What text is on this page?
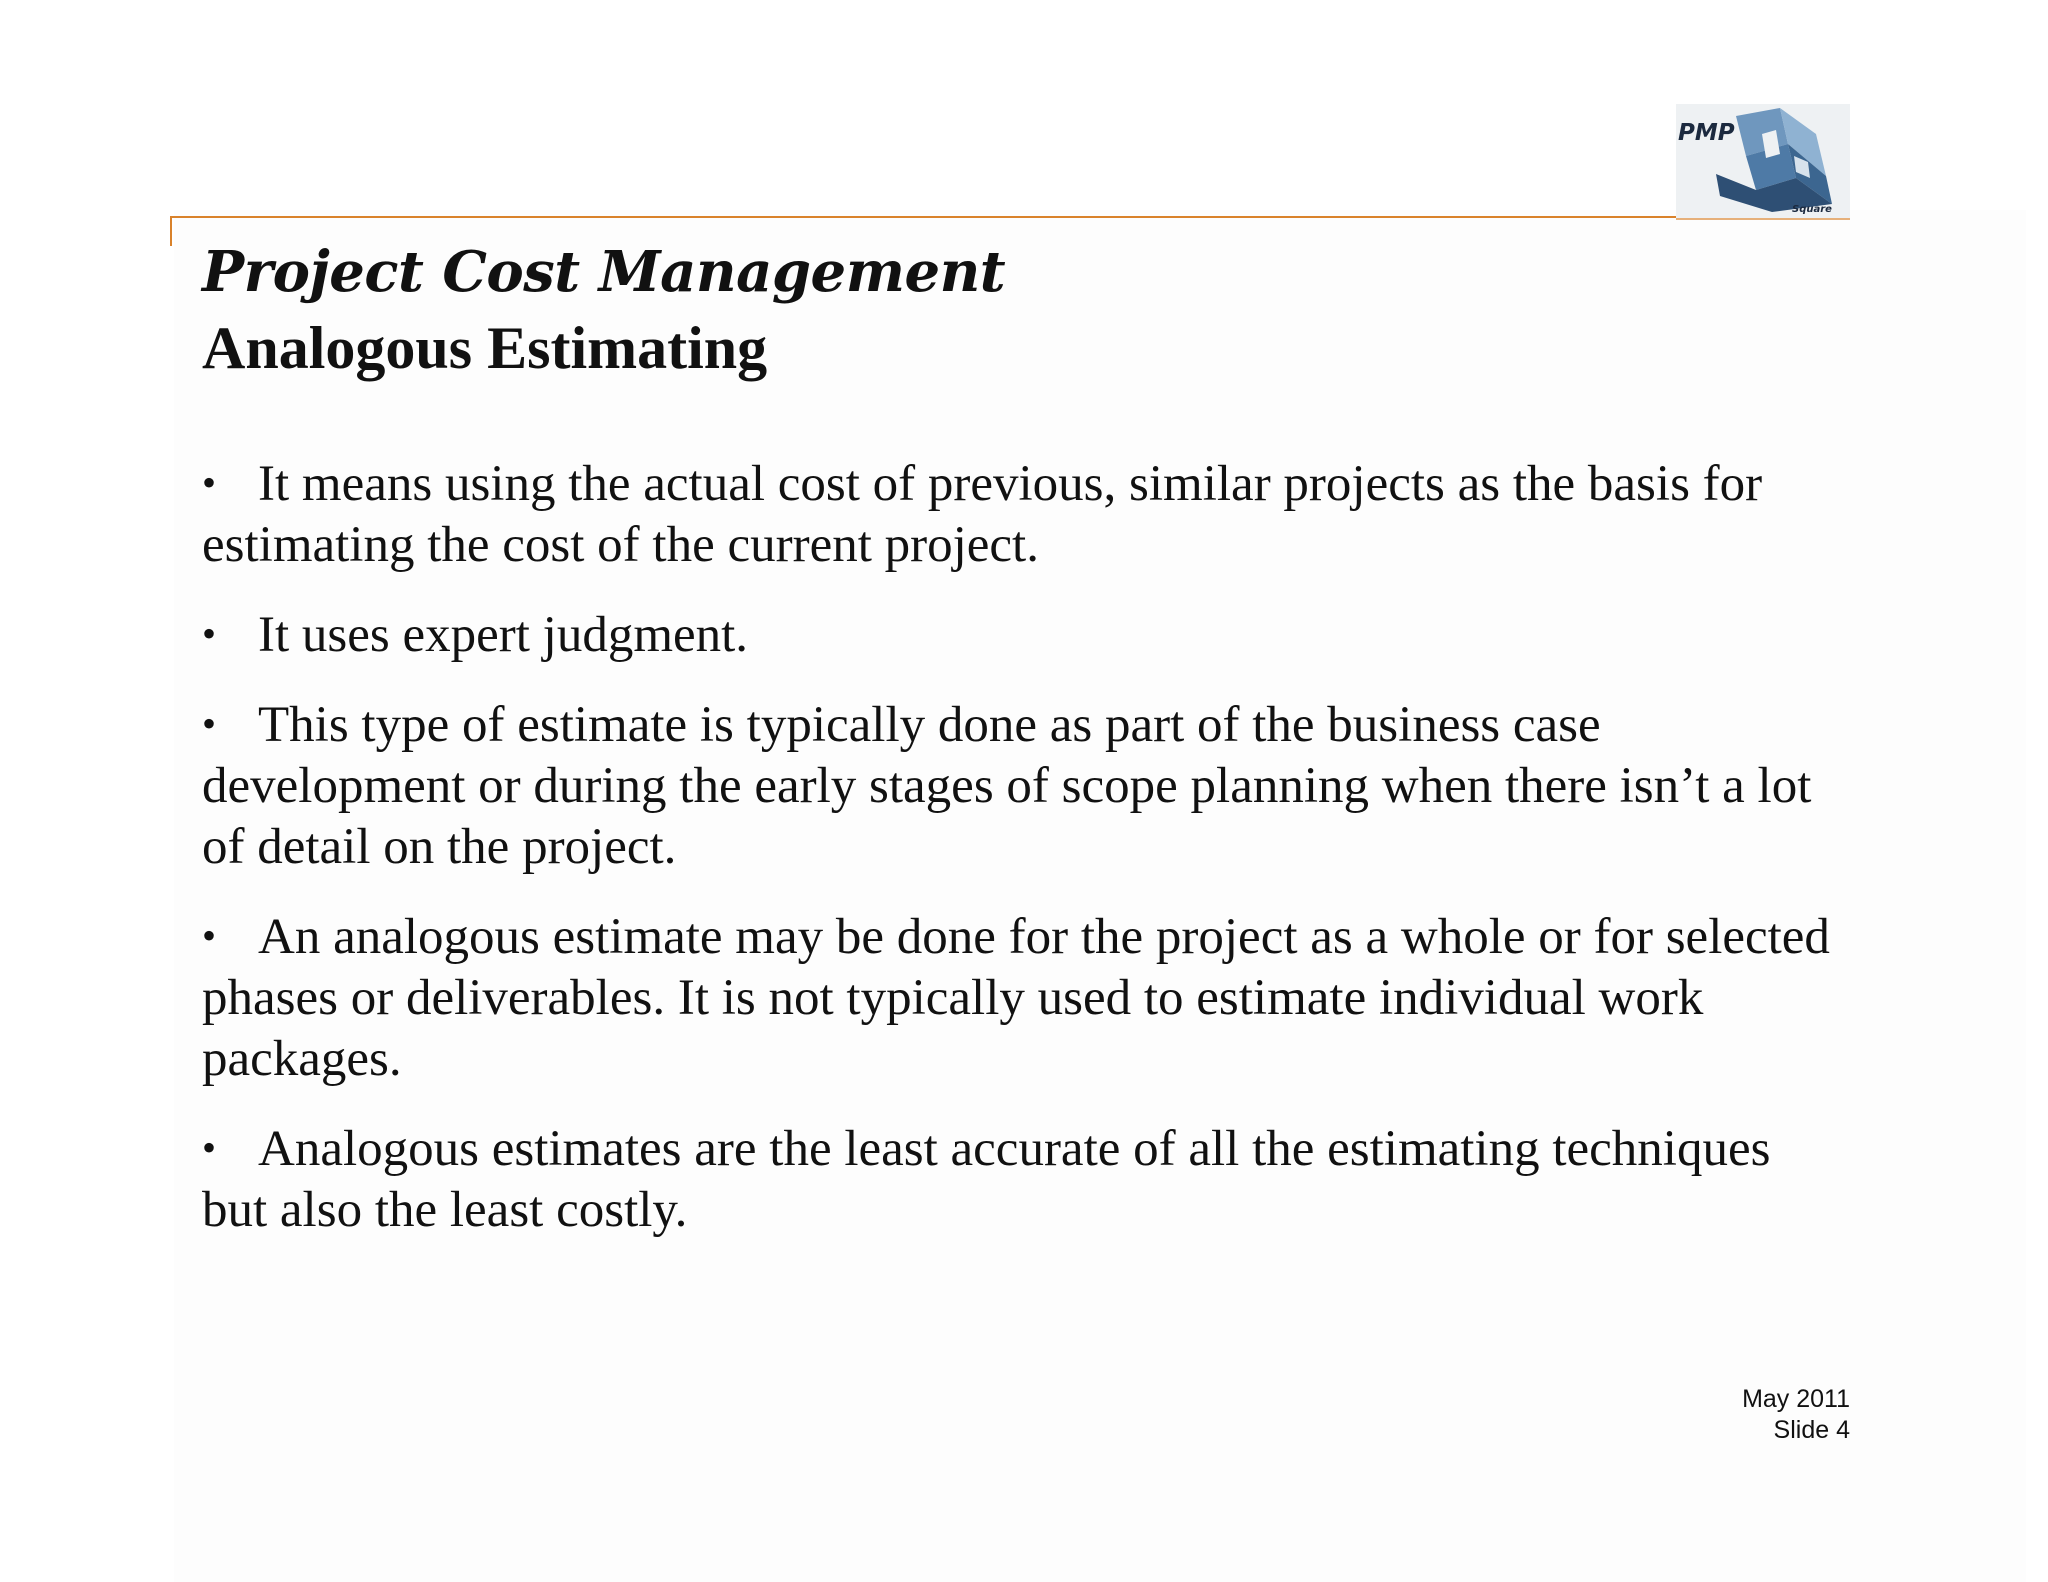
PMP
Square
Project Cost Management
Analogous Estimating
• It means using the actual cost of previous, similar projects as the basis for estimating the cost of the current project.
• It uses expert judgment.
• This type of estimate is typically done as part of the business case development or during the early stages of scope planning when there isn’t a lot of detail on the project.
• An analogous estimate may be done for the project as a whole or for selected phases or deliverables. It is not typically used to estimate individual work packages.
• Analogous estimates are the least accurate of all the estimating techniques but also the least costly.
May 2011
Slide 4
